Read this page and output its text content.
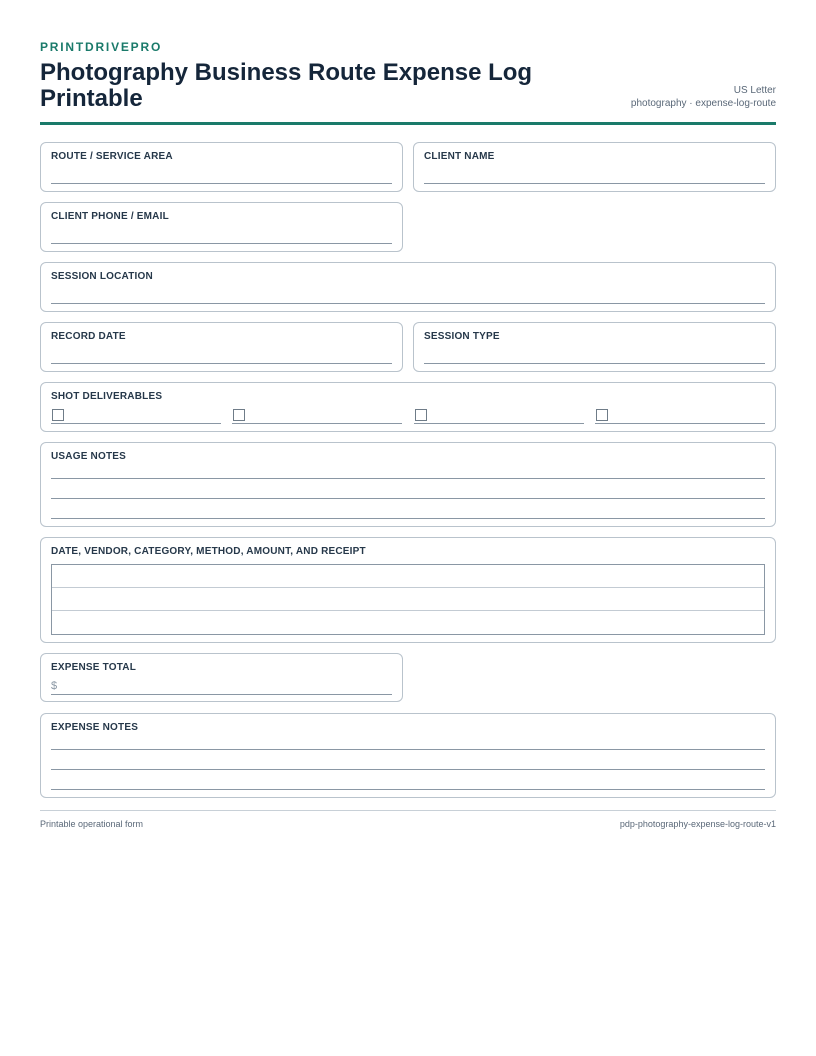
PRINTDRIVEPRO
Photography Business Route Expense Log Printable	US Letter
photography · expense-log-route
ROUTE / SERVICE AREA	CLIENT NAME
CLIENT PHONE / EMAIL
SESSION LOCATION
RECORD DATE	SESSION TYPE
SHOT DELIVERABLES
USAGE NOTES
DATE, VENDOR, CATEGORY, METHOD, AMOUNT, AND RECEIPT
EXPENSE TOTAL
$
EXPENSE NOTES
Printable operational form	pdp-photography-expense-log-route-v1
